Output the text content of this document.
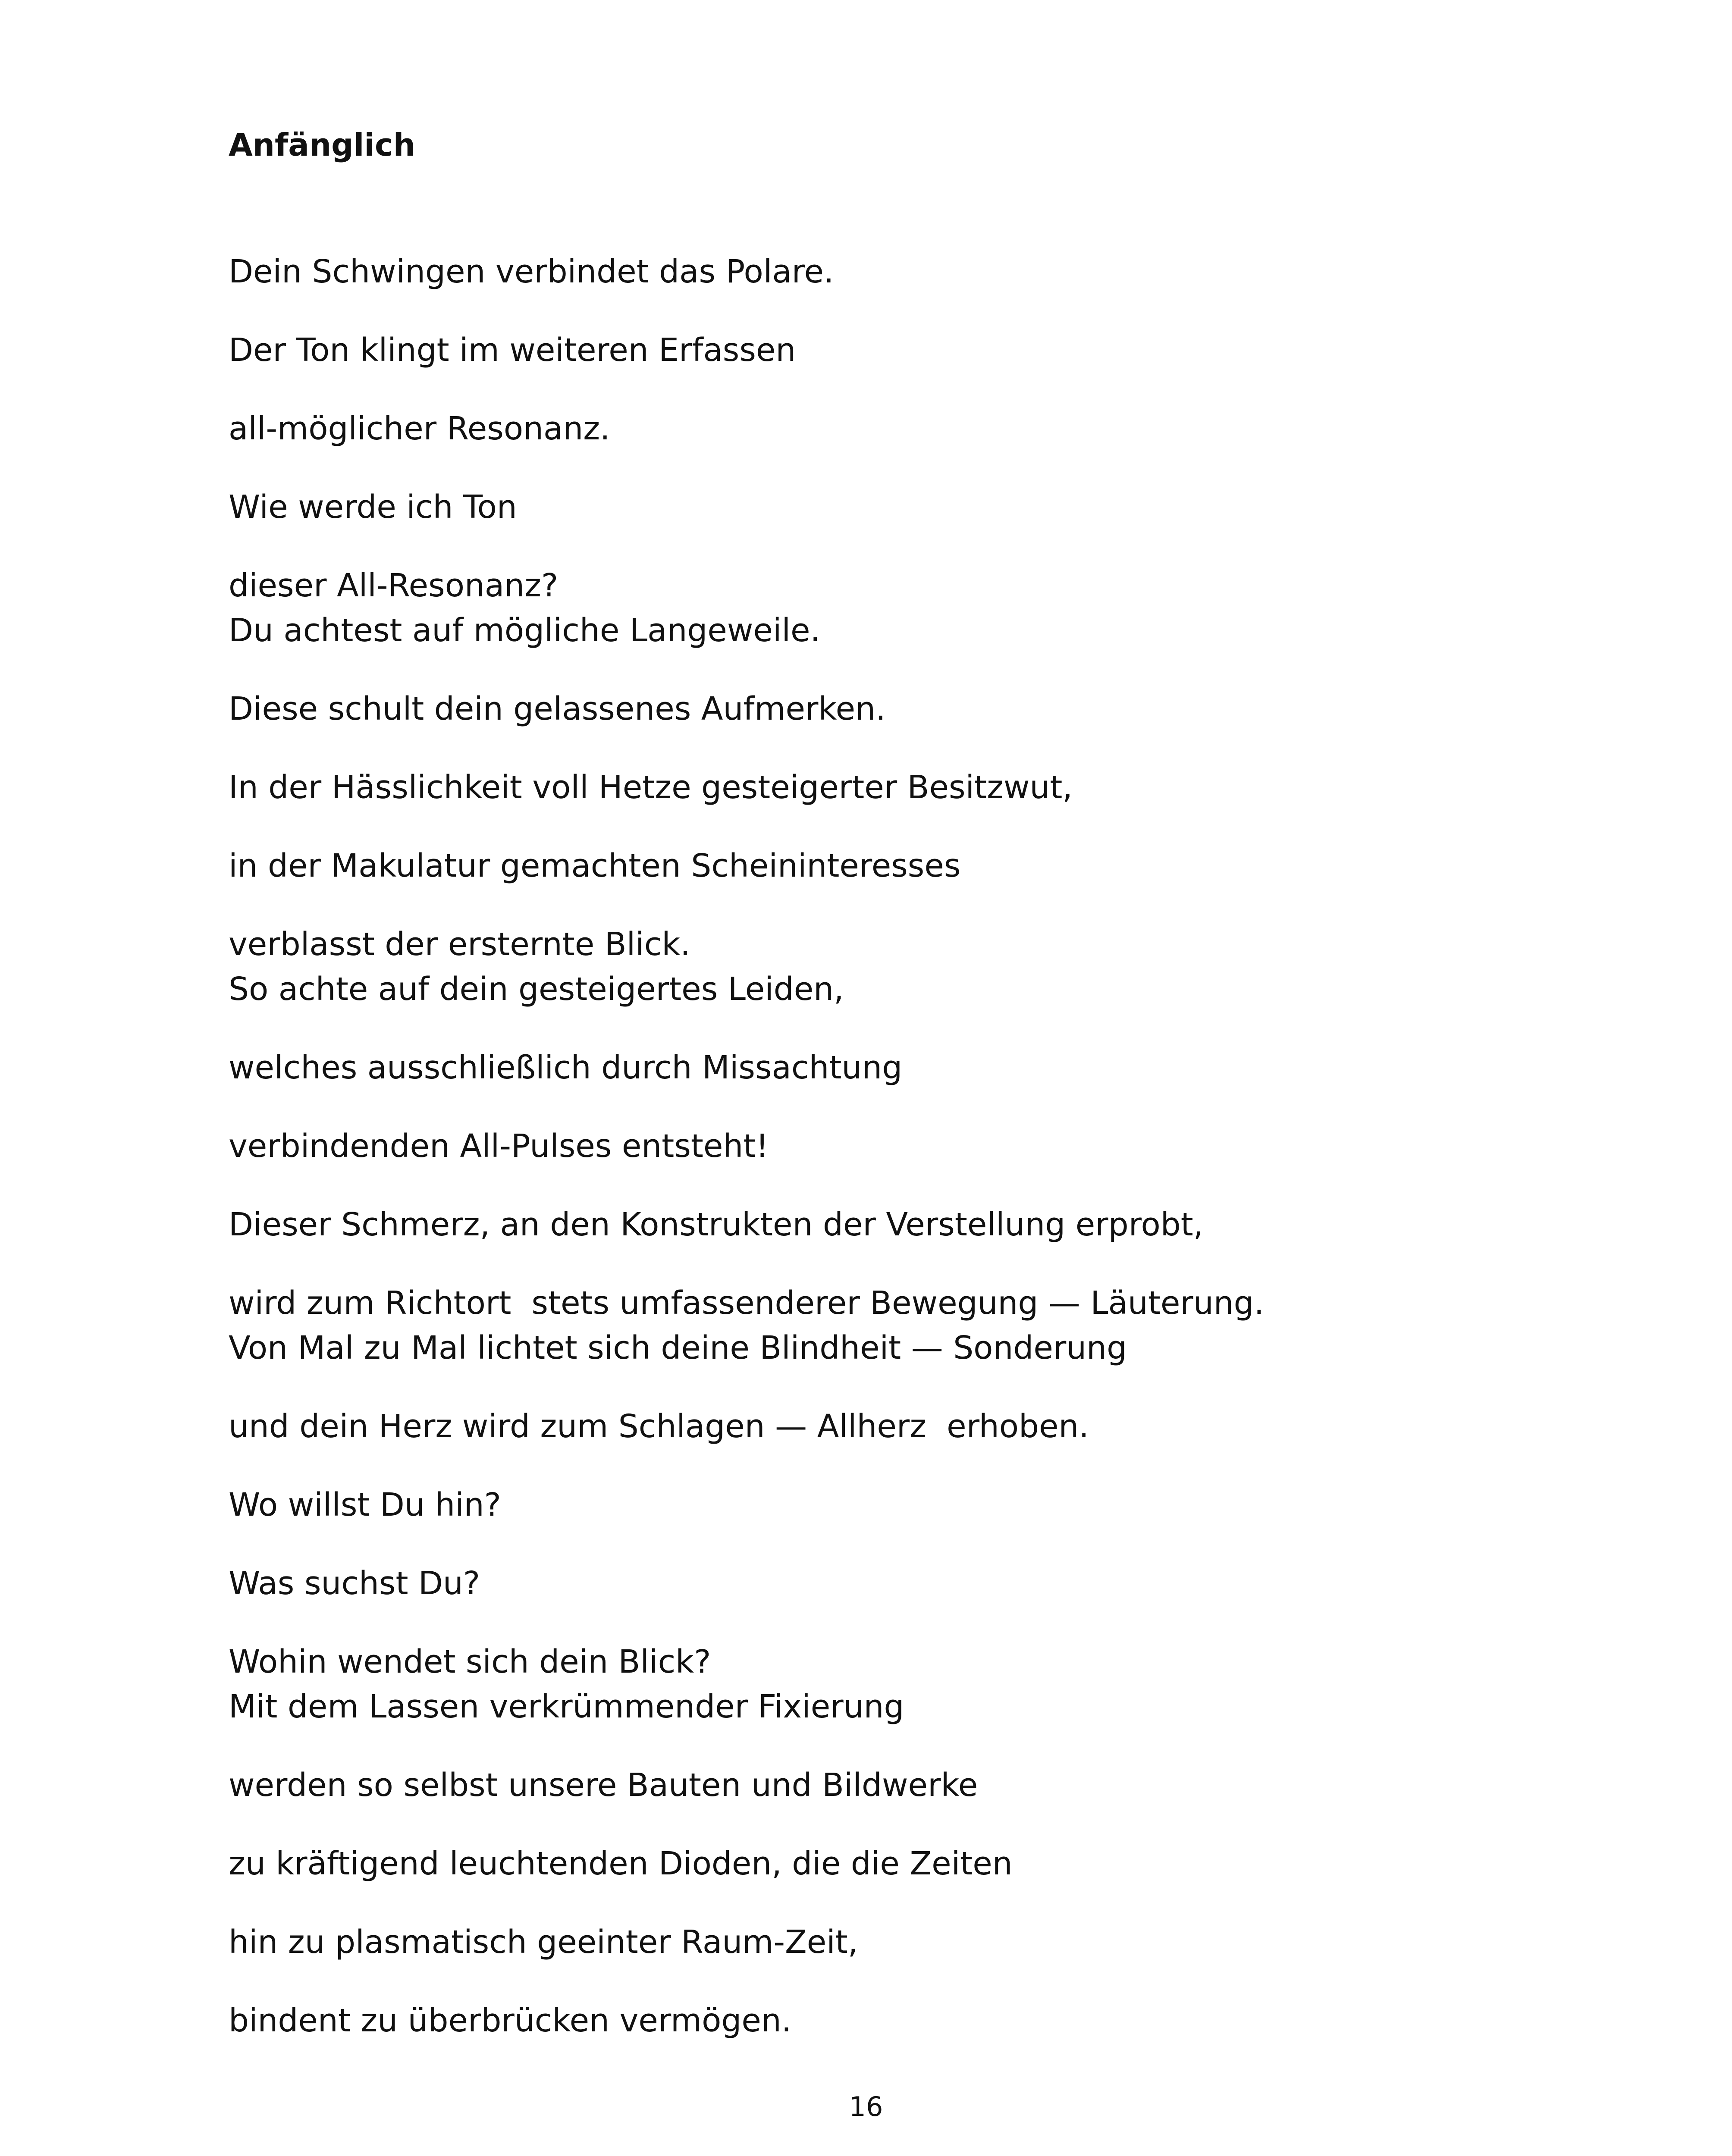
Anfänglich

Dein Schwingen verbindet das Polare.

Der Ton klingt im weiteren Erfassen

all-möglicher Resonanz.

Wie werde ich Ton

dieser All-Resonanz?

Du achtest auf mögliche Langeweile.

Diese schult dein gelassenes Aufmerken.

In der Hässlichkeit voll Hetze gesteigerter Besitzwut,

in der Makulatur gemachten Scheininteresses

verblasst der ersternte Blick.

So achte auf dein gesteigertes Leiden,

welches ausschließlich durch Missachtung

verbindenden All-Pulses entsteht!

Dieser Schmerz, an den Konstrukten der Verstellung erprobt,

wird zum Richtort  stets umfassenderer Bewegung — Läuterung.

Von Mal zu Mal lichtet sich deine Blindheit — Sonderung

und dein Herz wird zum Schlagen — Allherz  erhoben.

Wo willst Du hin?

Was suchst Du?

Wohin wendet sich dein Blick?

Mit dem Lassen verkrümmender Fixierung

werden so selbst unsere Bauten und Bildwerke

zu kräftigend leuchtenden Dioden, die die Zeiten

hin zu plasmatisch geeinter Raum-Zeit,

bindent zu überbrücken vermögen.

16
